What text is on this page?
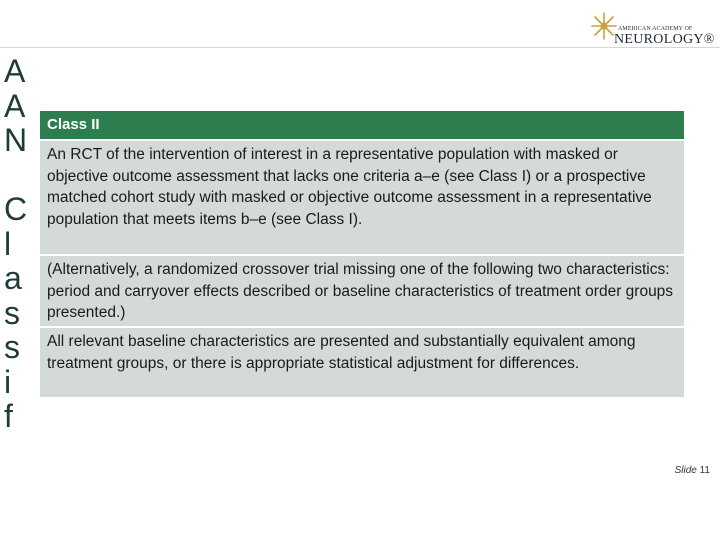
AMERICAN ACADEMY OF
NEUROLOGY®
A
A
N
C
l
a
s
s
i
f
Class II
An RCT of the intervention of interest in a representative population with masked or objective outcome assessment that lacks one criteria a–e (see Class I) or a prospective matched cohort study with masked or objective outcome assessment in a representative population that meets items b–e (see Class I).
(Alternatively, a randomized crossover trial missing one of the following two characteristics: period and carryover effects described or baseline characteristics of treatment order groups presented.)
All relevant baseline characteristics are presented and substantially equivalent among treatment groups, or there is appropriate statistical adjustment for differences.
Slide 11
